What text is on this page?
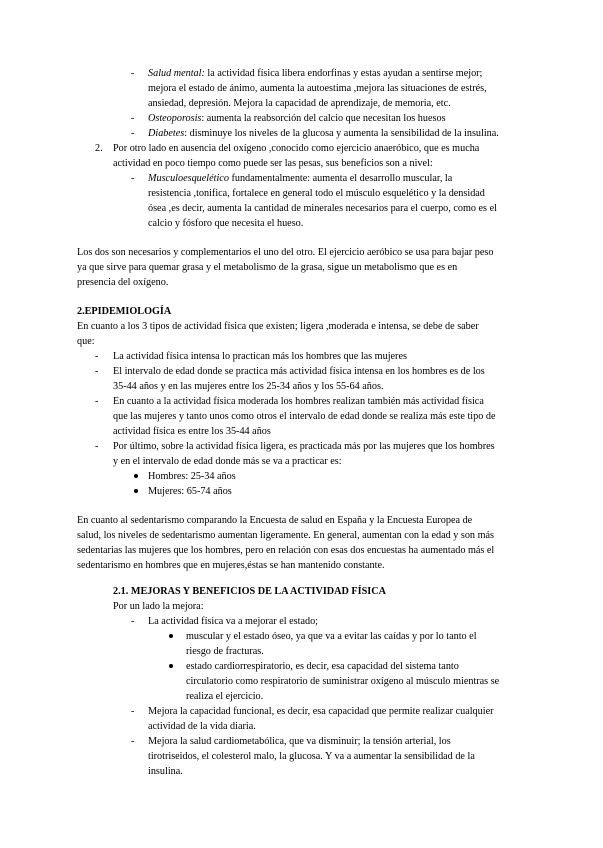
- Salud mental: la actividad física libera endorfinas y estas ayudan a sentirse mejor;
mejora el estado de ánimo, aumenta la autoestima ,mejora las situaciones de estrés,
ansiedad, depresión. Mejora la capacidad de aprendizaje, de memoria, etc.
- Osteoporosis: aumenta la reabsorción del calcio que necesitan los huesos
- Diabetes: disminuye los niveles de la glucosa y aumenta la sensibilidad de la insulina.
2. Por otro lado en ausencia del oxígeno ,conocido como ejercicio anaeróbico, que es mucha
actividad en poco tiempo como puede ser las pesas, sus beneficios son a nivel:
- Musculoesquelético fundamentalmente: aumenta el desarrollo muscular, la
resistencia ,tonifica, fortalece en general todo el músculo esquelético y la densidad
ósea ,es decir, aumenta la cantidad de minerales necesarios para el cuerpo, como es el
calcio y fósforo que necesita el hueso.
Los dos son necesarios y complementarios el uno del otro. El ejercicio aeróbico se usa para bajar peso
ya que sirve para quemar grasa y el metabolismo de la grasa, sigue un metabolismo que es en
presencia del oxígeno.
2.EPIDEMIOLOGÍA
En cuanto a los 3 tipos de actividad física que existen; ligera ,moderada e intensa, se debe de saber
que:
- La actividad física intensa lo practican más los hombres que las mujeres
- El intervalo de edad donde se practica más actividad física intensa en los hombres es de los
35-44 años y en las mujeres entre los 25-34 años y los 55-64 años.
- En cuanto a la actividad física moderada los hombres realizan también más actividad física
que las mujeres y tanto unos como otros el intervalo de edad donde se realiza más este tipo de
actividad física es entre los 35-44 años
- Por último, sobre la actividad física ligera, es practicada más por las mujeres que los hombres
y en el intervalo de edad donde más se va a practicar es:
Hombres: 25-34 años
Mujeres: 65-74 años
En cuanto al sedentarismo comparando la Encuesta de salud en España y la Encuesta Europea de
salud, los niveles de sedentarismo aumentan ligeramente. En general, aumentan con la edad y son más
sedentarias las mujeres que los hombres, pero en relación con esas dos encuestas ha aumentado más el
sedentarismo en hombres que en mujeres,éstas se han mantenido constante.
2.1. MEJORAS Y BENEFICIOS DE LA ACTIVIDAD FÍSICA
Por un lado la mejora:
- La actividad física va a mejorar el estado;
muscular y el estado óseo, ya que va a evitar las caídas y por lo tanto el
riesgo de fracturas.
estado cardiorrespiratorio, es decir, esa capacidad del sistema tanto
circulatorio como respiratorio de suministrar oxígeno al músculo mientras se
realiza el ejercicio.
- Mejora la capacidad funcional, es decir, esa capacidad que permite realizar cualquier
actividad de la vida diaria.
- Mejora la salud cardiometabólica, que va disminuir; la tensión arterial, los
tirotriseidos, el colesterol malo, la glucosa. Y va a aumentar la sensibilidad de la
insulina.
